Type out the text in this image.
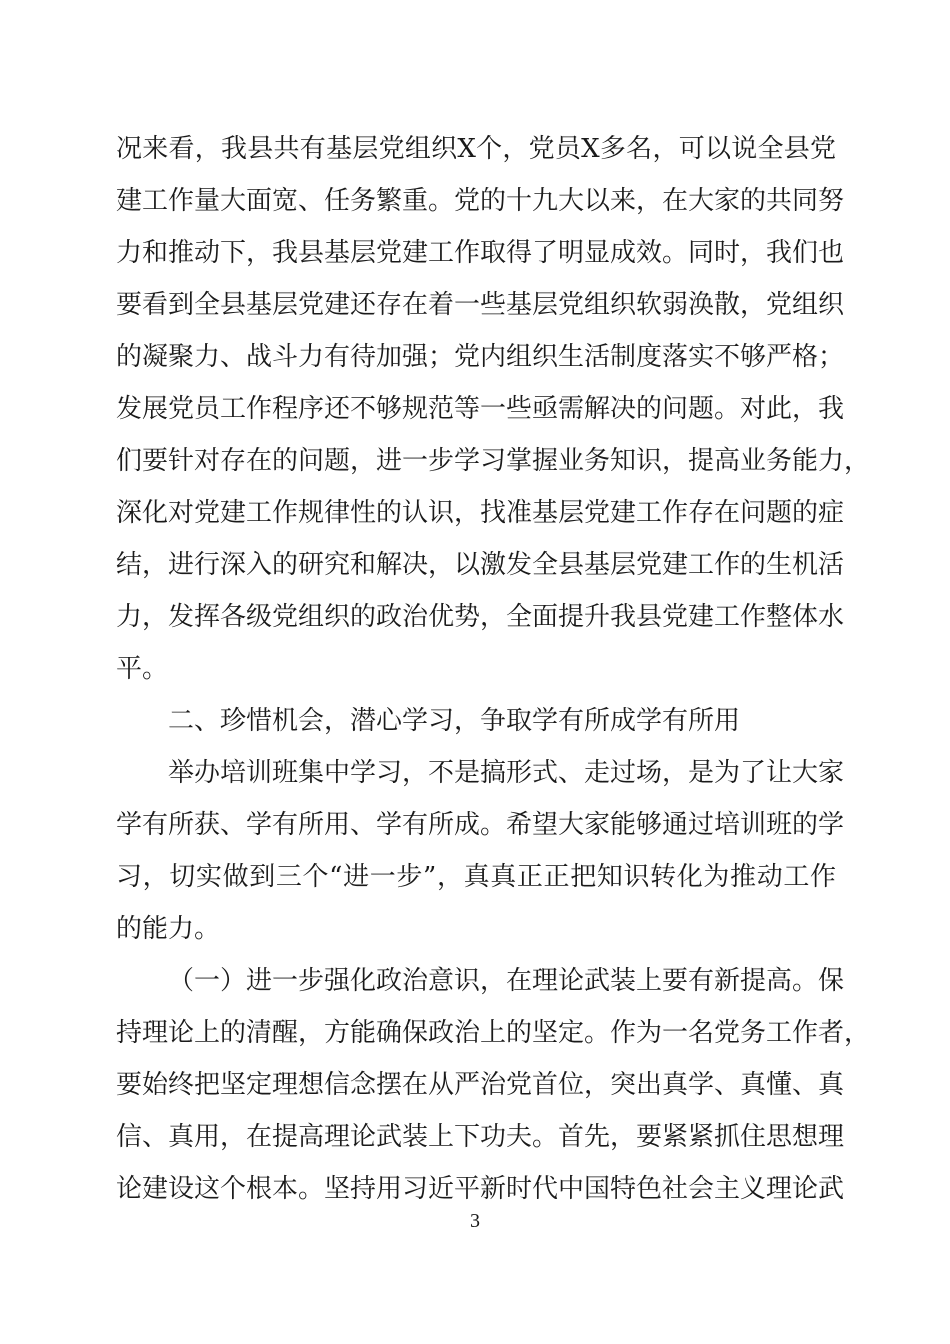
况来看，我县共有基层党组织X个，党员X多名，可以说全县党
建工作量大面宽、任务繁重。党的十九大以来，在大家的共同努
力和推动下，我县基层党建工作取得了明显成效。同时，我们也
要看到全县基层党建还存在着一些基层党组织软弱涣散，党组织
的凝聚力、战斗力有待加强；党内组织生活制度落实不够严格；
发展党员工作程序还不够规范等一些亟需解决的问题。对此，我
们要针对存在的问题，进一步学习掌握业务知识，提高业务能力，
深化对党建工作规律性的认识，找准基层党建工作存在问题的症
结，进行深入的研究和解决，以激发全县基层党建工作的生机活
力，发挥各级党组织的政治优势，全面提升我县党建工作整体水
平。
二、珍惜机会，潜心学习，争取学有所成学有所用
举办培训班集中学习，不是搞形式、走过场，是为了让大家
学有所获、学有所用、学有所成。希望大家能够通过培训班的学
习，切实做到三个“进一步”，真真正正把知识转化为推动工作
的能力。
（一）进一步强化政治意识，在理论武装上要有新提高。保
持理论上的清醒，方能确保政治上的坚定。作为一名党务工作者，
要始终把坚定理想信念摆在从严治党首位，突出真学、真懂、真
信、真用，在提高理论武装上下功夫。首先，要紧紧抓住思想理
论建设这个根本。坚持用习近平新时代中国特色社会主义理论武
3
